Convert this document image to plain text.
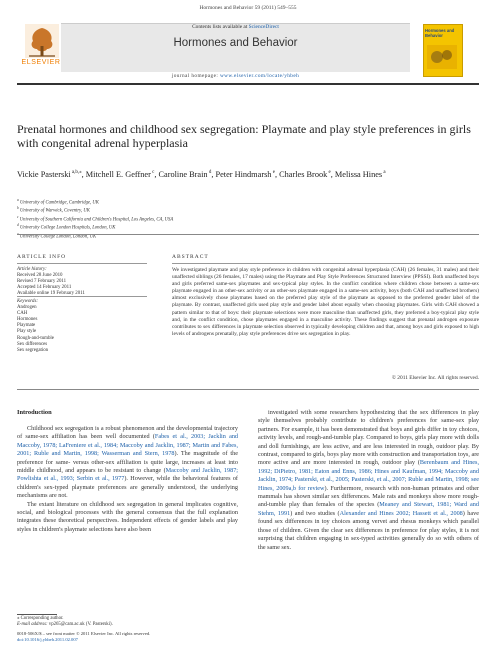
Hormones and Behavior 59 (2011) 549–555
Contents lists available at ScienceDirect
Hormones and Behavior
journal homepage: www.elsevier.com/locate/yhbeh
ELSEVIER
Hormones and Behavior
Prenatal hormones and childhood sex segregation: Playmate and play style preferences in girls with congenital adrenal hyperplasia
Vickie Pasterski $^{a,b,⁎}$, Mitchell E. Geffner $^c$, Caroline Brain $^d$, Peter Hindmarsh $^e$, Charles Brook $^e$, Melissa Hines $^a$
$^a$ University of Cambridge, Cambridge, UK
$^b$ University of Warwick, Coventry, UK
$^c$ University of Southern California and Children's Hospital, Los Angeles, CA, USA
$^d$ University College London Hospitals, London, UK
University College London, London, UK
ARTICLE INFO
Article history:
Received 28 June 2010
Revised 7 February 2011
Accepted 14 February 2011
Available online 19 February 2011
Keywords:
Androgen
CAH
Hormones
Playmate
Play style
Rough-and-tumble
Sex differences
Sex segregation
ABSTRACT
We investigated playmate and play style preference in children with congenital adrenal hyperplasia (CAH) (26 females, 31 males) and their unaffected siblings (26 females, 17 males) using the Playmate and Play Style Preferences Structured Interview (PPSSI). Both unaffected boys and girls preferred same-sex playmates and sex-typical play styles. In the conflict condition where children chose between a same-sex playmate engaged in an other-sex activity or an other-sex playmate engaged in a same-sex activity, boys (both CAH and unaffected brothers) almost exclusively chose playmates based on the preferred play style of the playmate as opposed to the preferred gender label of the playmate. By contrast, unaffected girls used play style and gender label about equally when choosing playmates. Girls with CAH showed a pattern similar to that of boys: their playmate selections were more masculine than unaffected girls, they preferred a boy-typical play style and, in the conflict condition, chose playmates engaged in a masculine activity. These findings suggest that prenatal androgen exposure contributes to sex differences in playmate selection observed in typically developing children and that, among boys and girls exposed to high levels of androgens prenatally, play style preferences drive sex segregation in play.
© 2011 Elsevier Inc. All rights reserved.
Introduction

Childhood sex segregation is a robust phenomenon and the developmental trajectory of same-sex affiliation has been well documented (Fabes et al., 2003; Jacklin and Maccoby, 1978; LaFreniere et al., 1984; Maccoby and Jacklin, 1987; Martin and Fabes, 2001; Ruble and Martin, 1998; Wasserman and Stern, 1978). The magnitude of the preference for same- versus other-sex affiliation is quite large, increases at least into middle childhood, and appears to be resistant to change (Maccoby and Jacklin, 1987; Powlishta et al., 1993; Serbin et al., 1977). However, while the behavioral features of children's sex-typed playmate preferences are generally understood, the underlying mechanisms are not.

The extant literature on childhood sex segregation in general implicates cognitive, social, and biological processes with the general consensus that the full explanation integrates these theoretical perspectives. Independent effects of gender labels and play styles in children's playmate selections have also been

investigated with some researchers hypothesizing that the sex differences in play style themselves probably contribute to children's preferences for same-sex play partners. For example, it has been demonstrated that boys and girls differ in toy choices, activity levels, and rough-and-tumble play. Compared to boys, girls play more with dolls and doll furnishings, are less active, and are less interested in rough, outdoor play. By contrast, compared to girls, boys play more with construction and transportation toys, are more active and are more interested in rough, outdoor play (Berenbaum and Hines, 1992; DiPietro, 1981; Eaton and Enns, 1986; Hines and Kaufman, 1994; Maccoby and Jacklin, 1974; Pasterski, et al., 2005; Pasterski, et al., 2007; Ruble and Martin, 1998; see Hines, 2009a,b for review). Furthermore, research with non-human primates and other mammals has shown similar sex differences. Male rats and monkeys show more rough-and-tumble play than females of the species (Meaney and Stewart, 1981; Ward and Stehm, 1991) and two studies (Alexander and Hines 2002; Hassett et al., 2008) have found sex differences in toy choices among vervet and rhesus monkeys which parallel those of children. Given the clear sex differences in preference for play styles, it is not surprising that children engaging in sex-typed activities generally do so with others of the same sex.

⁎ Corresponding author.
E-mail address: vp265@cam.ac.uk (V. Pasterski).
0018-506X/$ – see front matter © 2011 Elsevier Inc. All rights reserved.
doi:10.1016/j.yhbeh.2011.02.007
